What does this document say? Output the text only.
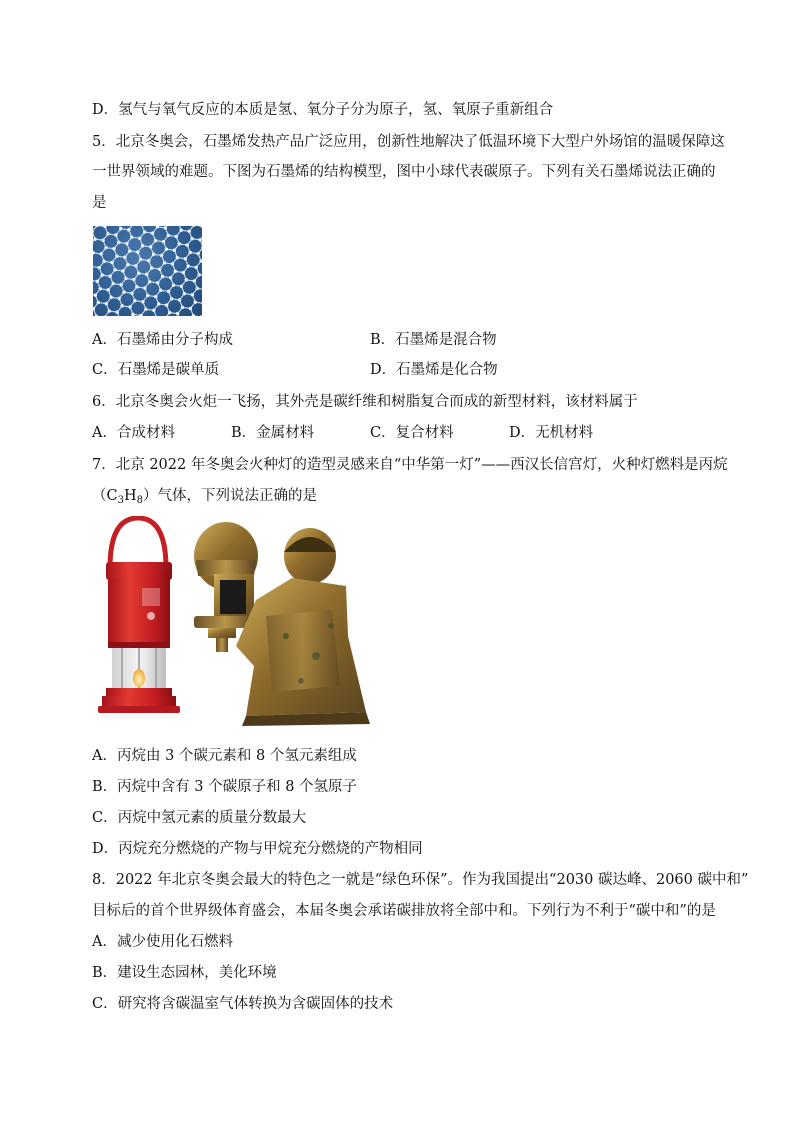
D．氢气与氧气反应的本质是氢、氧分子分为原子，氢、氧原子重新组合
5．北京冬奥会，石墨烯发热产品广泛应用，创新性地解决了低温环境下大型户外场馆的温暖保障这
一世界领域的难题。下图为石墨烯的结构模型，图中小球代表碳原子。下列有关石墨烯说法正确的
是
A．石墨烯由分子构成	B．石墨烯是混合物
C．石墨烯是碳单质	D．石墨烯是化合物
6．北京冬奥会火炬一飞扬，其外壳是碳纤维和树脂复合而成的新型材料，该材料属于
A．合成材料	B．金属材料	C．复合材料	D．无机材料
7．北京 2022 年冬奥会火种灯的造型灵感来自“中华第一灯”——西汉长信宫灯，火种灯燃料是丙烷
$(C_3H_8)$气体，下列说法正确的是
A．丙烷由 3 个碳元素和 8 个氢元素组成
B．丙烷中含有 3 个碳原子和 8 个氢原子
C．丙烷中氢元素的质量分数最大
D．丙烷充分燃烧的产物与甲烷充分燃烧的产物相同
8．2022 年北京冬奥会最大的特色之一就是“绿色环保”。作为我国提出“2030 碳达峰、2060 碳中和”
目标后的首个世界级体育盛会，本届冬奥会承诺碳排放将全部中和。下列行为不利于“碳中和”的是
A．减少使用化石燃料
B．建设生态园林，美化环境
C．研究将含碳温室气体转换为含碳固体的技术
